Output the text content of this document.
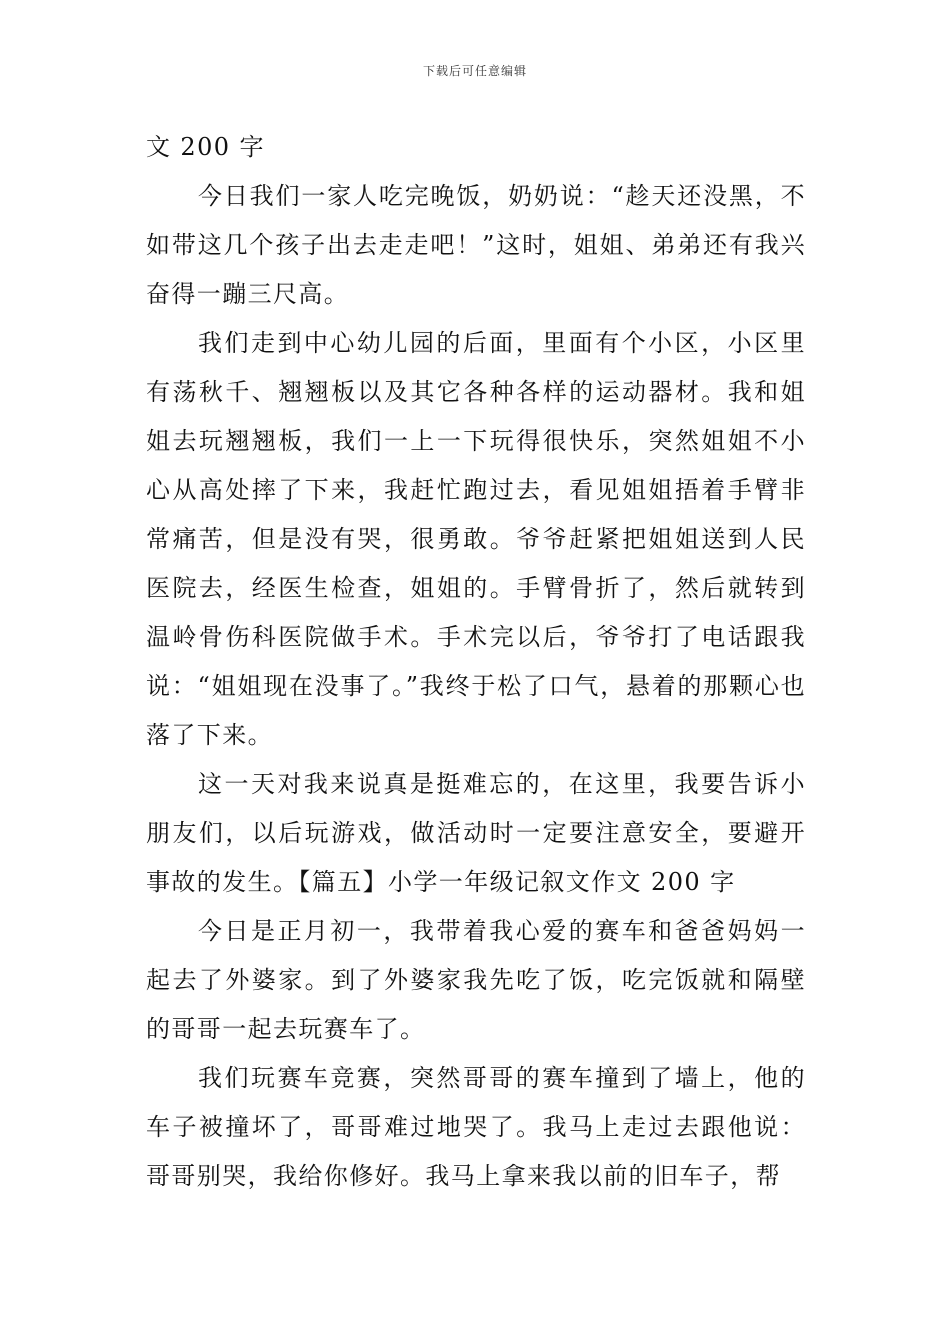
下载后可任意编辑

文 200 字

今日我们一家人吃完晚饭，奶奶说：“趁天还没黑，不如带这几个孩子出去走走吧！”这时，姐姐、弟弟还有我兴奋得一蹦三尺高。

我们走到中心幼儿园的后面，里面有个小区，小区里有荡秋千、翘翘板以及其它各种各样的运动器材。我和姐姐去玩翘翘板，我们一上一下玩得很快乐，突然姐姐不小心从高处摔了下来，我赶忙跑过去，看见姐姐捂着手臂非常痛苦，但是没有哭，很勇敢。爷爷赶紧把姐姐送到人民医院去，经医生检查，姐姐的。手臂骨折了，然后就转到温岭骨伤科医院做手术。手术完以后，爷爷打了电话跟我说：“姐姐现在没事了。”我终于松了口气，悬着的那颗心也落了下来。

这一天对我来说真是挺难忘的，在这里，我要告诉小朋友们，以后玩游戏，做活动时一定要注意安全，要避开事故的发生。【篇五】小学一年级记叙文作文 200 字

今日是正月初一，我带着我心爱的赛车和爸爸妈妈一起去了外婆家。到了外婆家我先吃了饭，吃完饭就和隔壁的哥哥一起去玩赛车了。

我们玩赛车竞赛，突然哥哥的赛车撞到了墙上，他的车子被撞坏了，哥哥难过地哭了。我马上走过去跟他说：哥哥别哭，我给你修好。我马上拿来我以前的旧车子，帮
